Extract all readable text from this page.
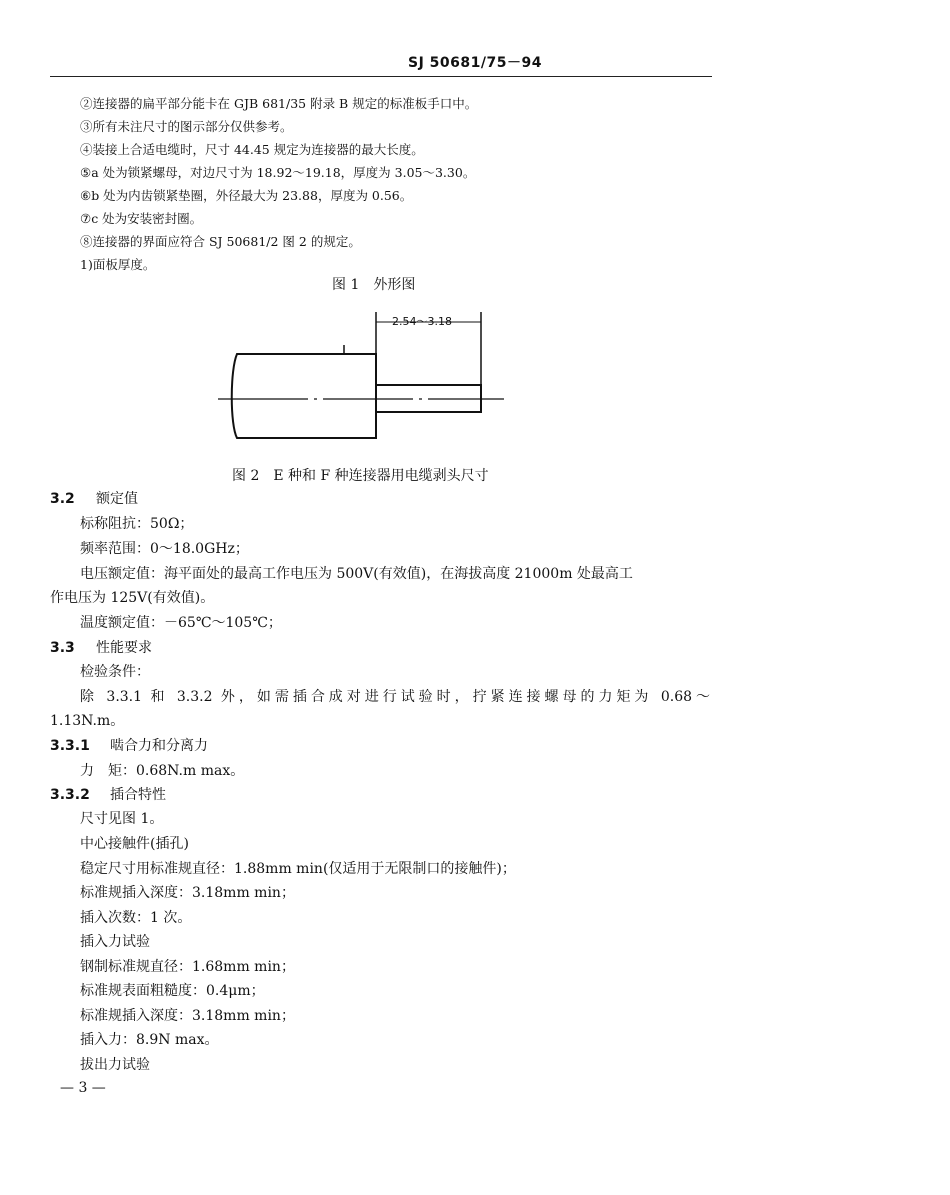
SJ 50681/75－94
②连接器的扁平部分能卡在 GJB 681/35 附录 B 规定的标准板手口中。
③所有未注尺寸的图示部分仅供参考。
④装接上合适电缆时，尺寸 44.45 规定为连接器的最大长度。
⑤a 处为锁紧螺母，对边尺寸为 18.92～19.18，厚度为 3.05～3.30。
⑥b 处为内齿锁紧垫圈，外径最大为 23.88，厚度为 0.56。
⑦c 处为安装密封圈。
⑧连接器的界面应符合 SJ 50681/2 图 2 的规定。
1)面板厚度。
图 1　外形图
2.54～3.18
图 2　E 种和 F 种连接器用电缆剥头尺寸
3.2 额定值
标称阻抗：50Ω；
频率范围：0～18.0GHz；
电压额定值：海平面处的最高工作电压为 500V(有效值)，在海拔高度 21000m 处最高工
作电压为 125V(有效值)。
温度额定值：－65℃～105℃；
3.3 性能要求
检验条件：
除 3.3.1 和 3.3.2 外，如需插合成对进行试验时，拧紧连接螺母的力矩为 0.68～
1.13N.m。
3.3.1 啮合力和分离力
力　矩：0.68N.m max。
3.3.2 插合特性
尺寸见图 1。
中心接触件(插孔)
稳定尺寸用标准规直径：1.88mm min(仅适用于无限制口的接触件)；
标准规插入深度：3.18mm min；
插入次数：1 次。
插入力试验
钢制标准规直径：1.68mm min；
标准规表面粗糙度：0.4μm；
标准规插入深度：3.18mm min；
插入力：8.9N max。
拔出力试验
— 3 —
